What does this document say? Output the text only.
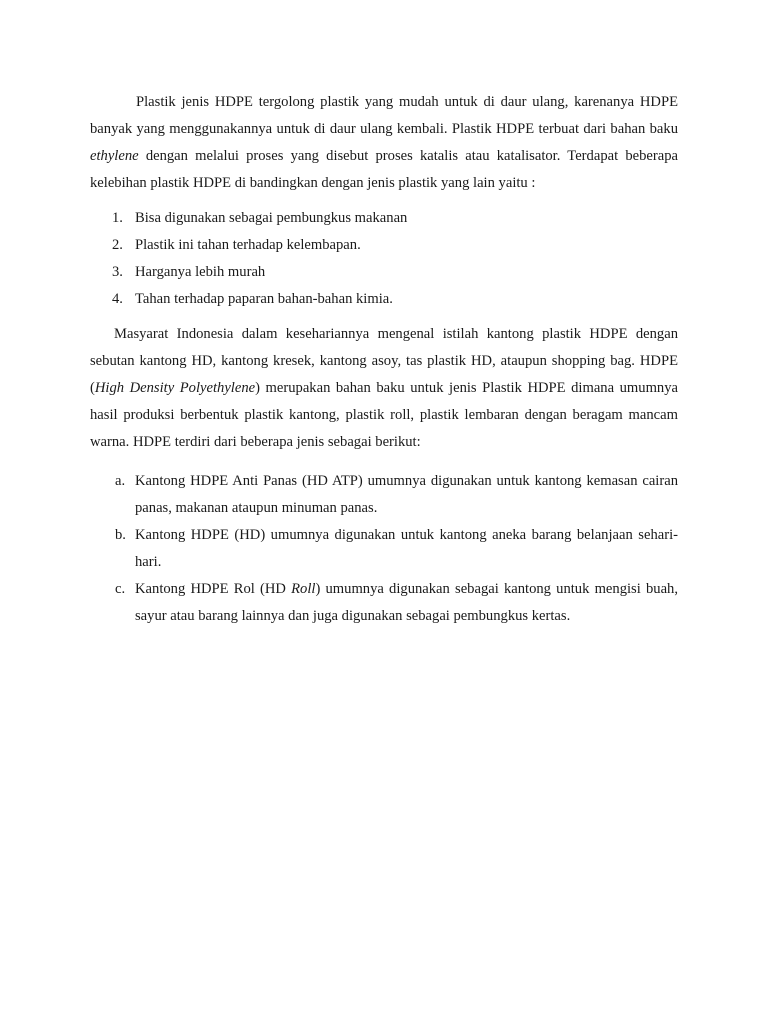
Plastik jenis HDPE tergolong plastik yang mudah untuk di daur ulang, karenanya HDPE banyak yang menggunakannya untuk di daur ulang kembali. Plastik HDPE terbuat dari bahan baku ethylene dengan melalui proses yang disebut proses katalis atau katalisator. Terdapat beberapa kelebihan plastik HDPE di bandingkan dengan jenis plastik yang lain yaitu :

1. Bisa digunakan sebagai pembungkus makanan
2. Plastik ini tahan terhadap kelembapan.
3. Harganya lebih murah
4. Tahan terhadap paparan bahan-bahan kimia.

Masyarat Indonesia dalam kesehariannya mengenal istilah kantong plastik HDPE dengan sebutan kantong HD, kantong kresek, kantong asoy, tas plastik HD, ataupun shopping bag. HDPE (High Density Polyethylene) merupakan bahan baku untuk jenis Plastik HDPE dimana umumnya hasil produksi berbentuk plastik kantong, plastik roll, plastik lembaran dengan beragam mancam warna. HDPE terdiri dari beberapa jenis sebagai berikut:

a. Kantong HDPE Anti Panas (HD ATP) umumnya digunakan untuk kantong kemasan cairan panas, makanan ataupun minuman panas.
b. Kantong HDPE (HD) umumnya digunakan untuk kantong aneka barang belanjaan sehari-hari.
c. Kantong HDPE Rol (HD Roll) umumnya digunakan sebagai kantong untuk mengisi buah, sayur atau barang lainnya dan juga digunakan sebagai pembungkus kertas.
